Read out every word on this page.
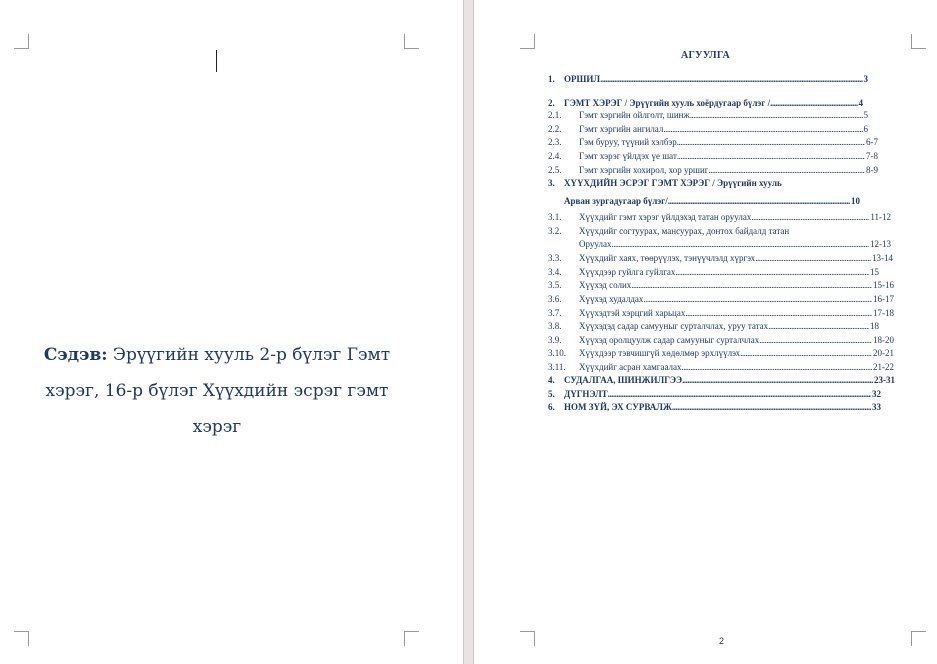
Сэдэв: Эрүүгийн хууль 2-р бүлэг Гэмт хэрэг, 16-р бүлэг Хүүхдийн эсрэг гэмт хэрэг
АГУУЛГА
1.	ОРШИЛ .....	3
2.	ГЭМТ ХЭРЭГ / Эрүүгийн хууль хоёрдугаар бүлэг / .....	4
2.1.	Гэмт хэргийн ойлголт, шинж .....	5
2.2.	Гэмт хэргийн ангилал .....	6
2.3.	Гэм буруу, түүний хэлбэр .....	6-7
2.4.	Гэмт хэрэг үйлдэх үе шат .....	7-8
2.5.	Гэмт хэргийн хохирол, хор уршиг .....	8-9
3.	ХҮҮХДИЙН ЭСРЭГ ГЭМТ ХЭРЭГ / Эрүүгийн хууль
Арван зургадугаар бүлэг/ .....	10
3.1.	Хүүхдийг гэмт хэрэг үйлдэхэд татан оруулах .....	11-12
3.2.	Хүүхдийг согтуурах, мансуурах, донтох байдалд татан
Оруулах .....	12-13
3.3.	Хүүхдийг хаях, төөрүүлэх, тэнүүчлэлд хүргэх .....	13-14
3.4.	Хүүхдээр гуйлга гуйлгах .....	15
3.5.	Хүүхэд солих .....	15-16
3.6.	Хүүхэд худалдах .....	16-17
3.7.	Хүүхэдтэй хэрцгий харьцах .....	17-18
3.8.	Хүүхэдэд садар самууныг сурталчлах, уруу татах .....	18
3.9.	Хүүхэд оролцуулж садар самууныг сурталчлах .....	18-20
3.10.	Хүүхдээр тэвчишгүй хөдөлмөр эрхлүүлэх .....	20-21
3.11.	Хүүхдийг асран хамгаалах .....	21-22
4.	СУДАЛГАА, ШИНЖИЛГЭЭ .....	23-31
5.	ДҮГНЭЛТ .....	32
6.	НОМ ЗҮЙ, ЭХ СУРВАЛЖ .....	33
2
